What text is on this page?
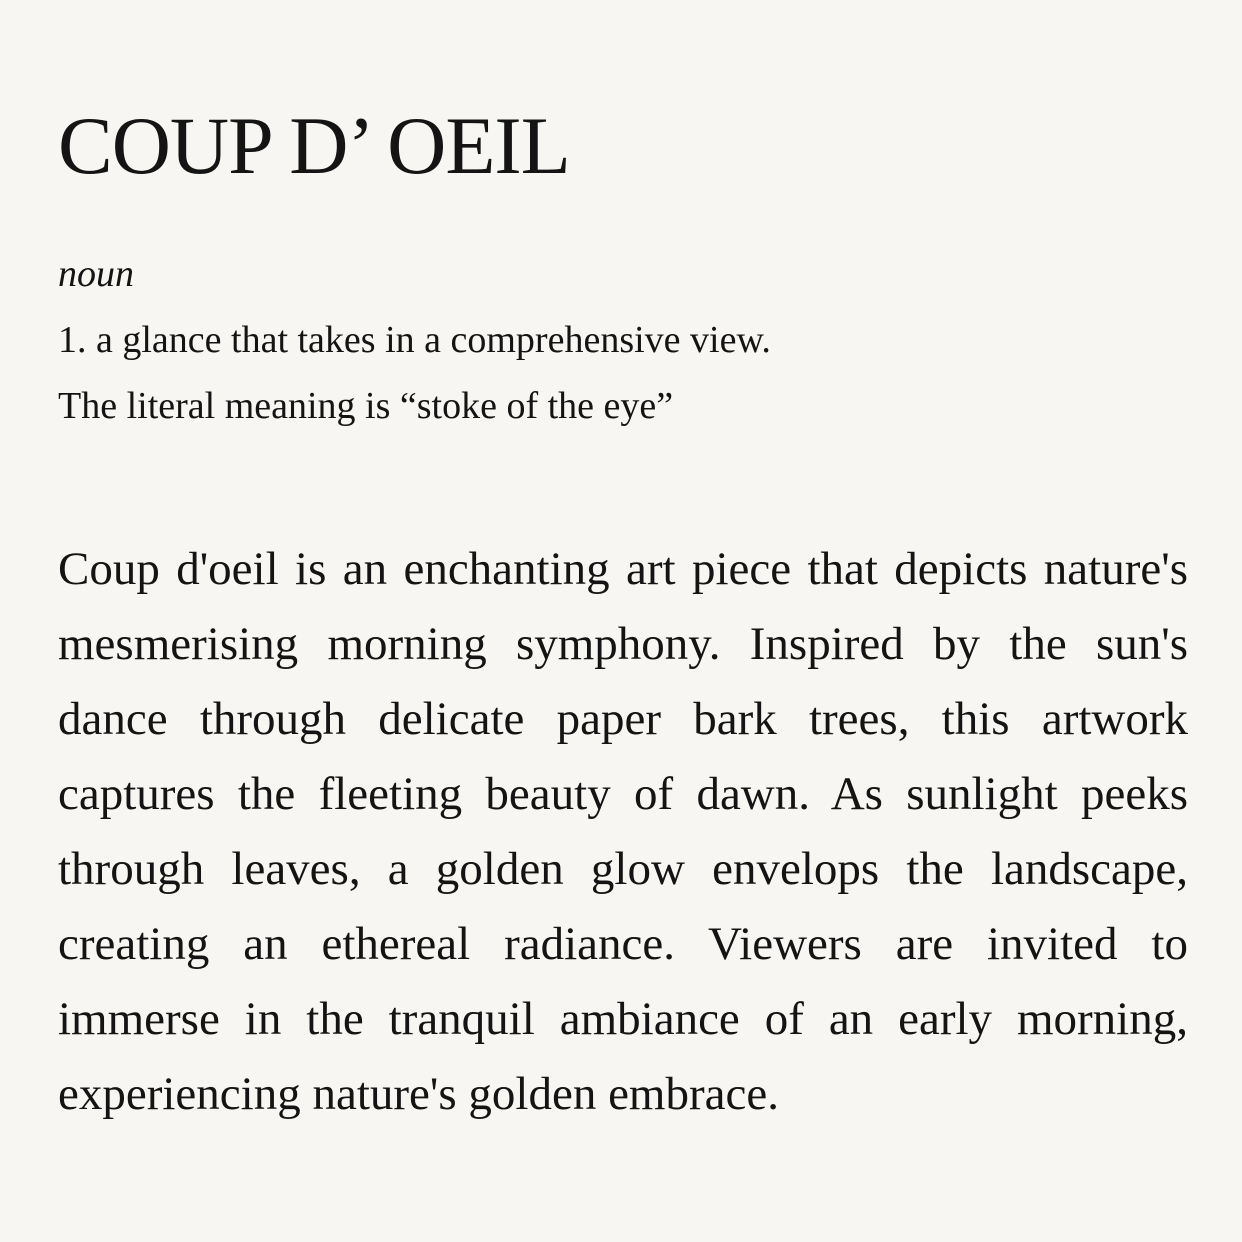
COUP D’ OEIL
noun
1. a glance that takes in a comprehensive view.
The literal meaning is “stoke of the eye”

Coup d'oeil is an enchanting art piece that depicts nature's mesmerising morning symphony. Inspired by the sun's dance through delicate paper bark trees, this artwork captures the fleeting beauty of dawn. As sunlight peeks through leaves, a golden glow envelops the landscape, creating an ethereal radiance. Viewers are invited to immerse in the tranquil ambiance of an early morning, experiencing nature's golden embrace.
